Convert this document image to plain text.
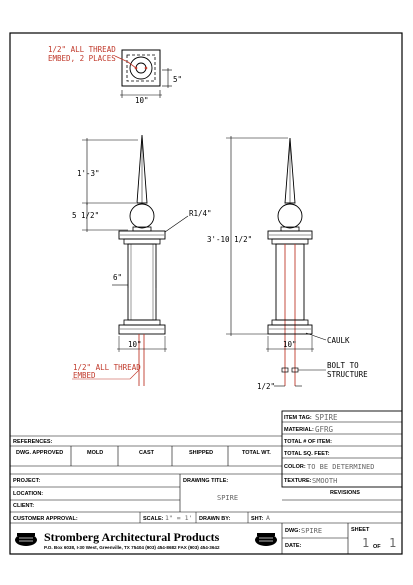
1/2" ALL THREAD
EMBED, 2 PLACES
10"
5"
1'-3"
5 1/2"	R1/4"
6"
10"
1/2" ALL THREAD
EMBED
3'-10 1/2"
10"	CAULK
BOLT TO
STRUCTURE
1/2"
ITEM TAG: SPIRE
MATERIAL: GFRG
TOTAL # OF ITEM:
TOTAL SQ. FEET:
COLOR: TO BE DETERMINED
TEXTURE: SMOOTH
REFERENCES:
DWG. APPROVED	MOLD	CAST	SHIPPED	TOTAL WT.
PROJECT:
LOCATION:
CLIENT:
DRAWING TITLE:
SPIRE
REVISIONS
CUSTOMER APPROVAL:	SCALE: 1" = 1' DRAWN BY:	SHT: A
Stromberg Architectural Products
P.O. Box 6038, I-30 West, Greenville, TX 75404 (903) 454-8682 FAX (903) 454-3642
DWG: SPIRE
DATE:
SHEET
1 OF 1
